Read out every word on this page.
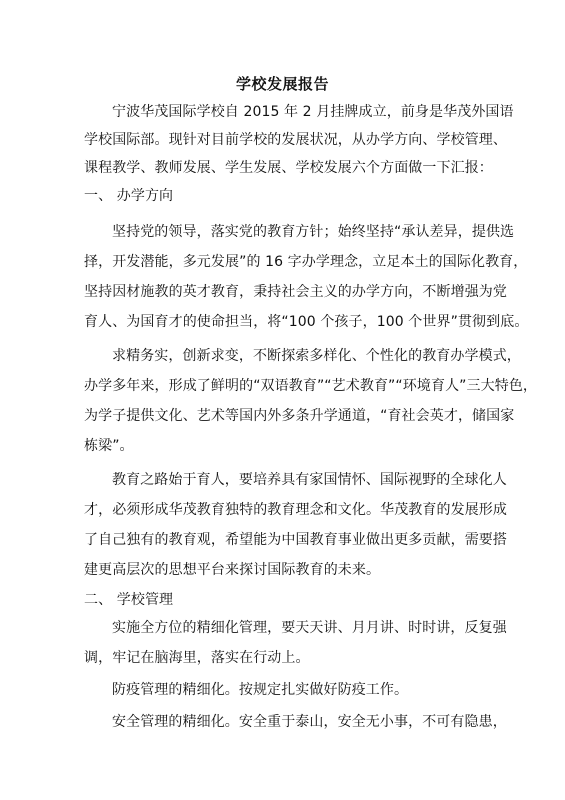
学校发展报告
宁波华茂国际学校自 2015 年 2 月挂牌成立，前身是华茂外国语
学校国际部。现针对目前学校的发展状况，从办学方向、学校管理、
课程教学、教师发展、学生发展、学校发展六个方面做一下汇报：
一、 办学方向
坚持党的领导，落实党的教育方针；始终坚持“承认差异，提供选
择，开发潜能，多元发展”的 16 字办学理念，立足本土的国际化教育，
坚持因材施教的英才教育，秉持社会主义的办学方向，不断增强为党
育人、为国育才的使命担当，将“100 个孩子，100 个世界”贯彻到底。
求精务实，创新求变，不断探索多样化、个性化的教育办学模式，
办学多年来，形成了鲜明的“双语教育”“艺术教育”“环境育人”三大特色，
为学子提供文化、艺术等国内外多条升学通道，“育社会英才，储国家
栋梁”。
教育之路始于育人，要培养具有家国情怀、国际视野的全球化人
才，必须形成华茂教育独特的教育理念和文化。华茂教育的发展形成
了自己独有的教育观，希望能为中国教育事业做出更多贡献，需要搭
建更高层次的思想平台来探讨国际教育的未来。
二、 学校管理
实施全方位的精细化管理，要天天讲、月月讲、时时讲，反复强
调，牢记在脑海里，落实在行动上。
防疫管理的精细化。按规定扎实做好防疫工作。
安全管理的精细化。安全重于泰山，安全无小事，不可有隐患，
